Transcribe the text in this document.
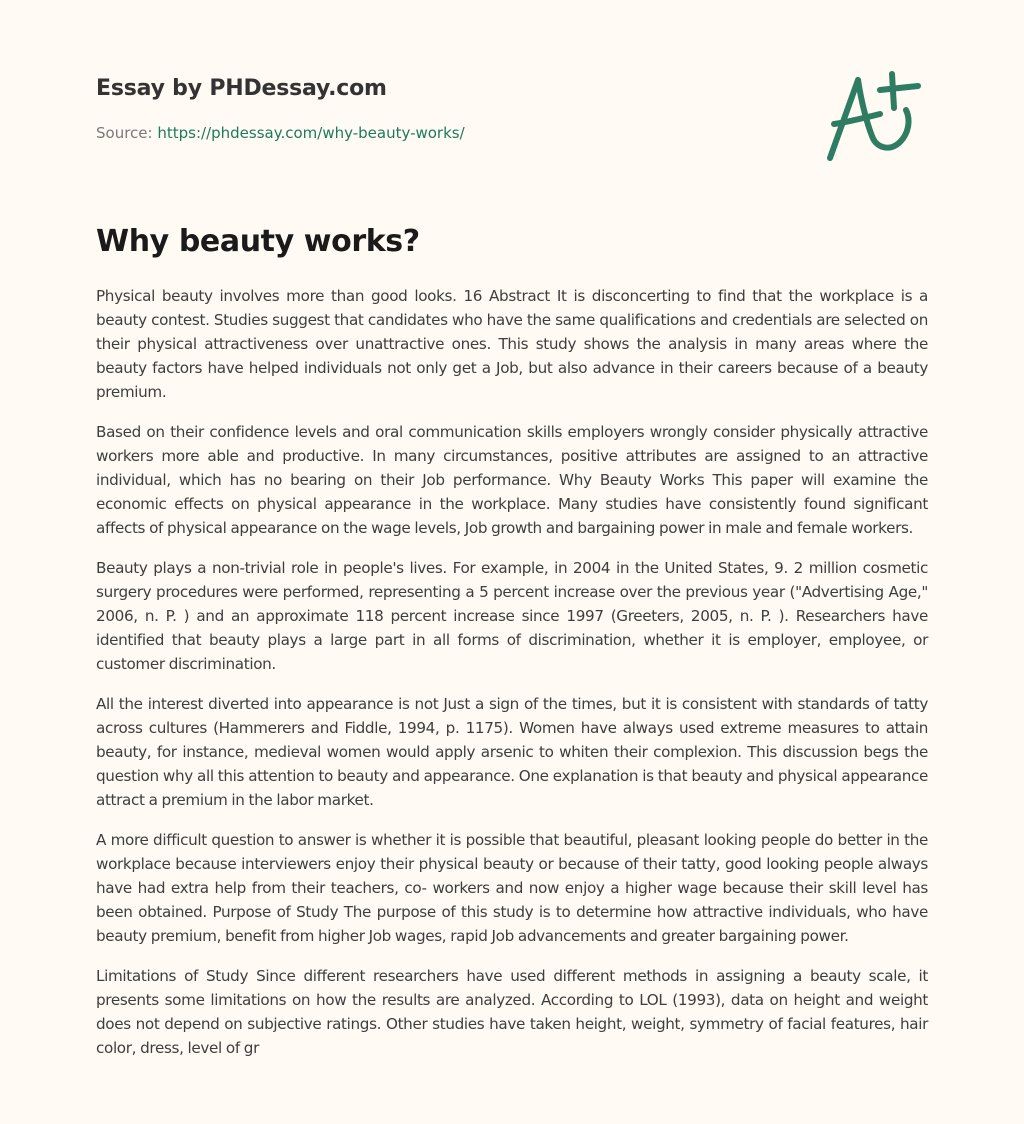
Essay by PHDessay.com
Source: https://phdessay.com/why-beauty-works/
Why beauty works?

Physical beauty involves more than good looks. 16 Abstract It is disconcerting to find that the workplace is a beauty contest. Studies suggest that candidates who have the same qualifications and credentials are selected on their physical attractiveness over unattractive ones. This study shows the analysis in many areas where the beauty factors have helped individuals not only get a Job, but also advance in their careers because of a beauty premium.

Based on their confidence levels and oral communication skills employers wrongly consider physically attractive workers more able and productive. In many circumstances, positive attributes are assigned to an attractive individual, which has no bearing on their Job performance. Why Beauty Works This paper will examine the economic effects on physical appearance in the workplace. Many studies have consistently found significant affects of physical appearance on the wage levels, Job growth and bargaining power in male and female workers.

Beauty plays a non-trivial role in people's lives. For example, in 2004 in the United States, 9. 2 million cosmetic surgery procedures were performed, representing a 5 percent increase over the previous year ("Advertising Age," 2006, n. P. ) and an approximate 118 percent increase since 1997 (Greeters, 2005, n. P. ). Researchers have identified that beauty plays a large part in all forms of discrimination, whether it is employer, employee, or customer discrimination.

All the interest diverted into appearance is not Just a sign of the times, but it is consistent with standards of tatty across cultures (Hammerers and Fiddle, 1994, p. 1175). Women have always used extreme measures to attain beauty, for instance, medieval women would apply arsenic to whiten their complexion. This discussion begs the question why all this attention to beauty and appearance. One explanation is that beauty and physical appearance attract a premium in the labor market.

A more difficult question to answer is whether it is possible that beautiful, pleasant looking people do better in the workplace because interviewers enjoy their physical beauty or because of their tatty, good looking people always have had extra help from their teachers, co- workers and now enjoy a higher wage because their skill level has been obtained. Purpose of Study The purpose of this study is to determine how attractive individuals, who have beauty premium, benefit from higher Job wages, rapid Job advancements and greater bargaining power.

Limitations of Study Since different researchers have used different methods in assigning a beauty scale, it presents some limitations on how the results are analyzed. According to LOL (1993), data on height and weight does not depend on subjective ratings. Other studies have taken height, weight, symmetry of facial features, hair color, dress, level of gr
